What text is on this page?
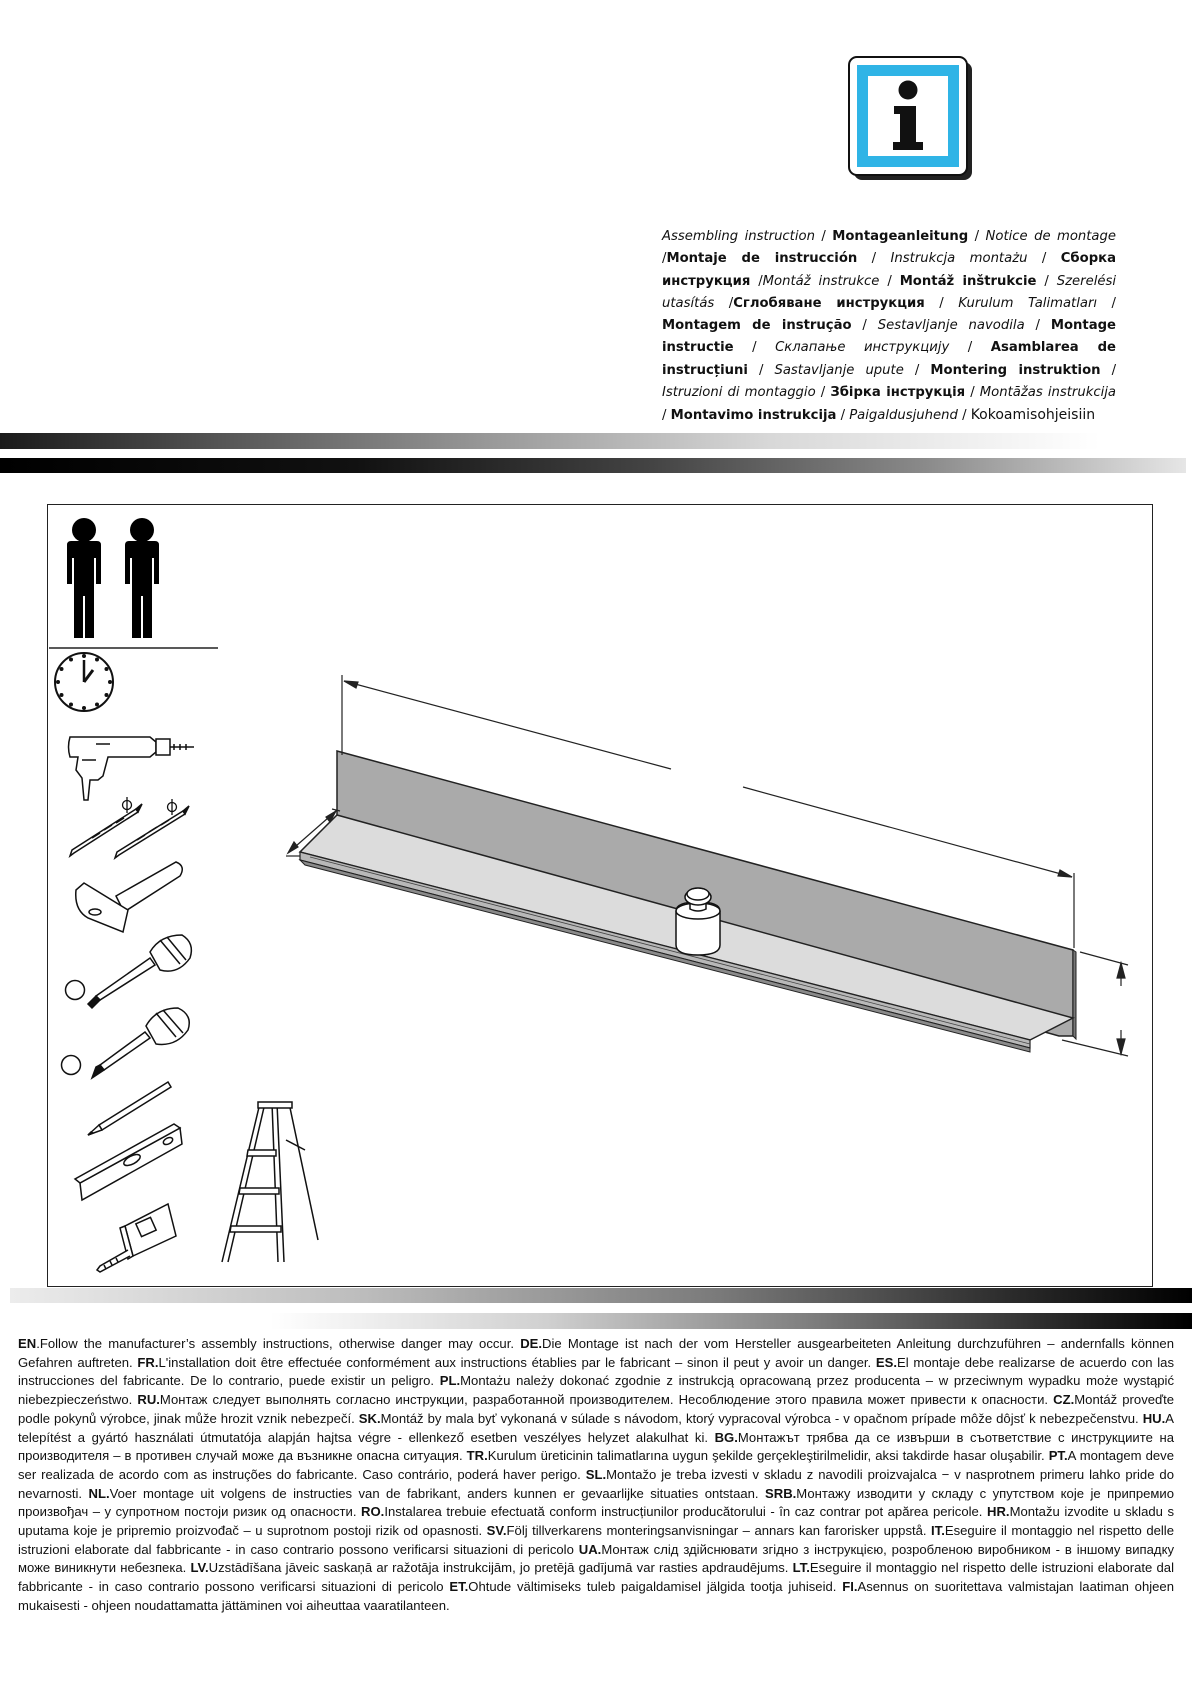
Assembling instruction / Montageanleitung / Notice de montage /Montaje de instrucción / Instrukcja montażu / Сборка инструкция /Montáž instrukce / Montáž inštrukcie / Szerelési utasítás /Сглобяване инструкция / Kurulum Talimatları / Montagem de instrução / Sestavljanje navodila / Montage instructie / Склапање инструкцију / Asamblarea de instrucțiuni / Sastavljanje upute / Montering instruktion / Istruzioni di montaggio / Збірка інструкція / Montāžas instrukcija / Montavimo instrukcija / Paigaldusjuhend / Kokoamisohjeisiin
EN.Follow the manufacturer’s assembly instructions, otherwise danger may occur. DE.Die Montage ist nach der vom Hersteller ausgearbeiteten Anleitung durchzuführen – andernfalls können Gefahren auftreten. FR.L'installation doit être effectuée conformément aux instructions établies par le fabricant – sinon il peut y avoir un danger. ES.El montaje debe realizarse de acuerdo con las instrucciones del fabricante. De lo contrario, puede existir un peligro. PL.Montażu należy dokonać zgodnie z instrukcją opracowaną przez producenta – w przeciwnym wypadku może wystąpić niebezpieczeństwo. RU.Монтаж следует выполнять согласно инструкции, разработанной производителем. Несоблюдение этого правила может привести к опасности. CZ.Montáž proveďte podle pokynů výrobce, jinak může hrozit vznik nebezpečí. SK.Montáž by mala byť vykonaná v súlade s návodom, ktorý vypracoval výrobca - v opačnom prípade môže dôjsť k nebezpečenstvu. HU.A telepítést a gyártó használati útmutatója alapján hajtsa végre - ellenkező esetben veszélyes helyzet alakulhat ki. BG.Монтажът трябва да се извърши в съответствие с инструкциите на производителя – в противен случай може да възникне опасна ситуация. TR.Kurulum üreticinin talimatlarına uygun şekilde gerçekleştirilmelidir, aksi takdirde hasar oluşabilir. PT.A montagem deve ser realizada de acordo com as instruções do fabricante. Caso contrário, poderá haver perigo. SL.Montažo je treba izvesti v skladu z navodili proizvajalca − v nasprotnem primeru lahko pride do nevarnosti. NL.Voer montage uit volgens de instructies van de fabrikant, anders kunnen er gevaarlijke situaties ontstaan. SRB.Монтажу изводити у складу с упутством које је припремио произвођач – у супротном постоји ризик од опасности. RO.Instalarea trebuie efectuată conform instrucțiunilor producătorului - în caz contrar pot apărea pericole. HR.Montažu izvodite u skladu s uputama koje je pripremio proizvođač – u suprotnom postoji rizik od opasnosti. SV.Följ tillverkarens monteringsanvisningar – annars kan farorisker uppstå. IT.Eseguire il montaggio nel rispetto delle istruzioni elaborate dal fabbricante - in caso contrario possono verificarsi situazioni di pericolo UA.Монтаж слід здійснювати згідно з інструкцією, розробленою виробником - в іншому випадку може виникнути небезпека. LV.Uzstādīšana jāveic saskaņā ar ražotāja instrukcijām, jo pretējā gadījumā var rasties apdraudējums. LT.Eseguire il montaggio nel rispetto delle istruzioni elaborate dal fabbricante - in caso contrario possono verificarsi situazioni di pericolo ET.Ohtude vältimiseks tuleb paigaldamisel jälgida tootja juhiseid. FI.Asennus on suoritettava valmistajan laatiman ohjeen mukaisesti - ohjeen noudattamatta jättäminen voi aiheuttaa vaaratilanteen.
